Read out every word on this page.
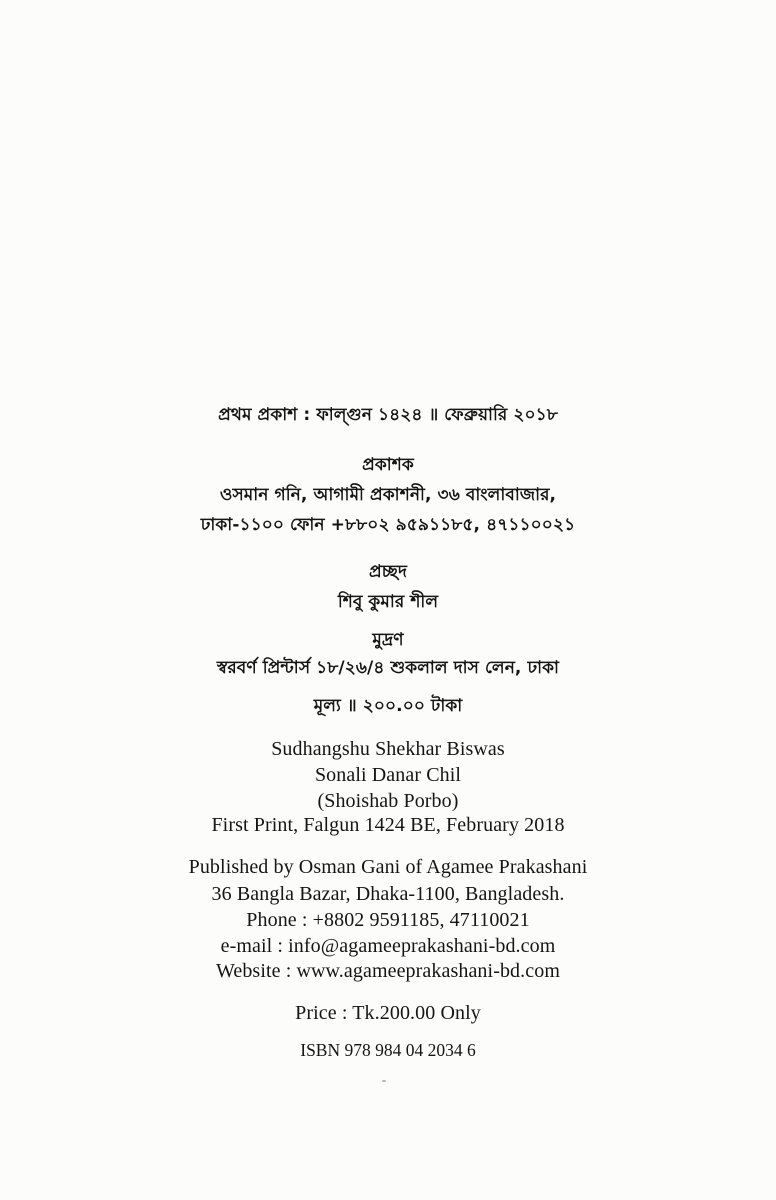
প্রথম প্রকাশ : ফাল্গুন ১৪২৪ ॥ ফেব্রুয়ারি ২০১৮
প্রকাশক
ওসমান গনি, আগামী প্রকাশনী, ৩৬ বাংলাবাজার,
ঢাকা-১১০০ ফোন +৮৮০২ ৯৫৯১১৮৫, ৪৭১১০০২১
প্রচ্ছদ
শিবু কুমার শীল
মুদ্রণ
স্বরবর্ণ প্রিন্টার্স ১৮/২৬/৪ শুকলাল দাস লেন, ঢাকা
মূল্য ॥ ২০০.০০ টাকা
Sudhangshu Shekhar Biswas
Sonali Danar Chil
(Shoishab Porbo)
First Print, Falgun 1424 BE, February 2018
Published by Osman Gani of Agamee Prakashani
36 Bangla Bazar, Dhaka-1100, Bangladesh.
Phone : +8802 9591185, 47110021
e-mail : info@agameeprakashani-bd.com
Website : www.agameeprakashani-bd.com
Price : Tk.200.00 Only
ISBN 978 984 04 2034 6
